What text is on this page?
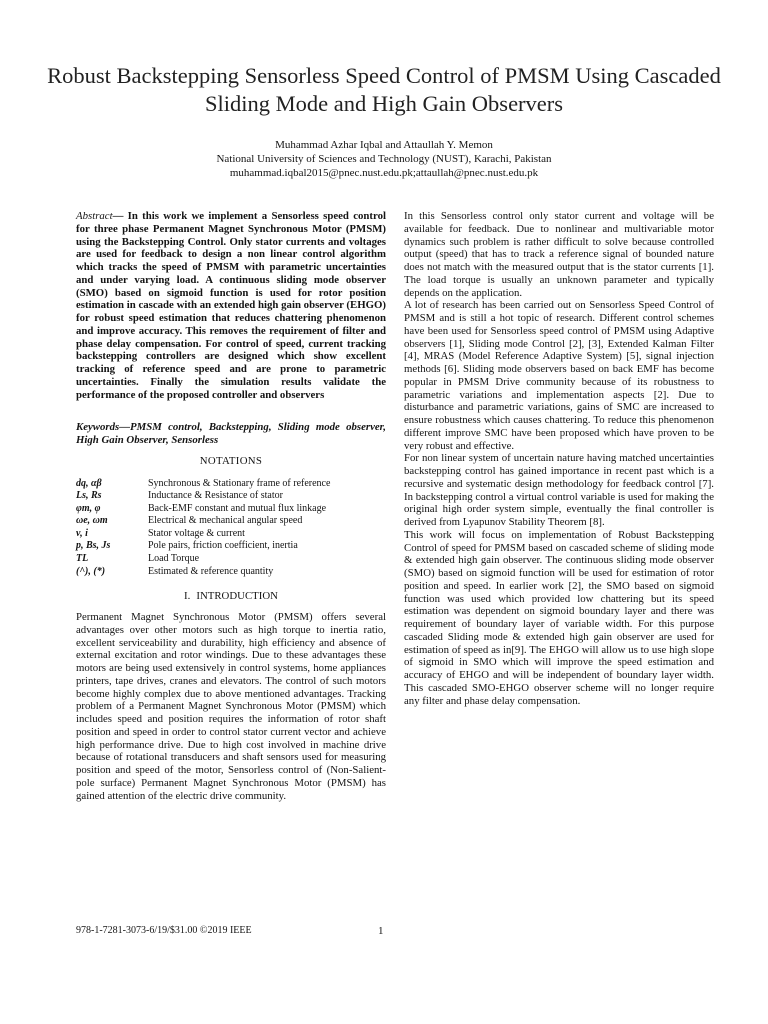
Robust Backstepping Sensorless Speed Control of PMSM Using Cascaded Sliding Mode and High Gain Observers
Muhammad Azhar Iqbal and Attaullah Y. Memon
National University of Sciences and Technology (NUST), Karachi, Pakistan
muhammad.iqbal2015@pnec.nust.edu.pk;attaullah@pnec.nust.edu.pk

Abstract— In this work we implement a Sensorless speed control for three phase Permanent Magnet Synchronous Motor (PMSM) using the Backstepping Control. Only stator currents and voltages are used for feedback to design a non linear control algorithm which tracks the speed of PMSM with parametric uncertainties and under varying load. A continuous sliding mode observer (SMO) based on sigmoid function is used for rotor position estimation in cascade with an extended high gain observer (EHGO) for robust speed estimation that reduces chattering phenomenon and improve accuracy. This removes the requirement of filter and phase delay compensation. For control of speed, current tracking backstepping controllers are designed which show excellent tracking of reference speed and are prone to parametric uncertainties. Finally the simulation results validate the performance of the proposed controller and observers

Keywords—PMSM control, Backstepping, Sliding mode observer, High Gain Observer, Sensorless

NOTATIONS
dq, αβ	Synchronous & Stationary frame of reference
Ls, Rs	Inductance & Resistance of stator
φm, φ	Back-EMF constant and mutual flux linkage
ωe, ωm	Electrical & mechanical angular speed
v, i	Stator voltage & current
p, Bs, Js	Pole pairs, friction coefficient, inertia
TL	Load Torque
(^), (*)	Estimated & reference quantity
I. INTRODUCTION

Permanent Magnet Synchronous Motor (PMSM) offers several advantages over other motors such as high torque to inertia ratio, excellent serviceability and durability, high efficiency and absence of external excitation and rotor windings. Due to these advantages these motors are being used extensively in control systems, home appliances printers, tape drives, cranes and elevators. The control of such motors become highly complex due to above mentioned advantages. Tracking problem of a Permanent Magnet Synchronous Motor (PMSM) which includes speed and position requires the information of rotor shaft position and speed in order to control stator current vector and achieve high performance drive. Due to high cost involved in machine drive because of rotational transducers and shaft sensors used for measuring position and speed of the motor, Sensorless control of (Non-Salient-pole surface) Permanent Magnet Synchronous Motor (PMSM) has gained attention of the electric drive community.

In this Sensorless control only stator current and voltage will be available for feedback. Due to nonlinear and multivariable motor dynamics such problem is rather difficult to solve because controlled output (speed) that has to track a reference signal of bounded nature does not match with the measured output that is the stator currents [1]. The load torque is usually an unknown parameter and typically depends on the application.

A lot of research has been carried out on Sensorless Speed Control of PMSM and is still a hot topic of research. Different control schemes have been used for Sensorless speed control of PMSM using Adaptive observers [1], Sliding mode Control [2], [3], Extended Kalman Filter [4], MRAS (Model Reference Adaptive System) [5], signal injection methods [6]. Sliding mode observers based on back EMF has become popular in PMSM Drive community because of its robustness to parametric variations and implementation aspects [2]. Due to disturbance and parametric variations, gains of SMC are increased to ensure robustness which causes chattering. To reduce this phenomenon different improve SMC have been proposed which have proven to be very robust and effective.

For non linear system of uncertain nature having matched uncertainties backstepping control has gained importance in recent past which is a recursive and systematic design methodology for feedback control [7]. In backstepping control a virtual control variable is used for making the original high order system simple, eventually the final controller is derived from Lyapunov Stability Theorem [8].

This work will focus on implementation of Robust Backstepping Control of speed for PMSM based on cascaded scheme of sliding mode & extended high gain observer. The continuous sliding mode observer (SMO) based on sigmoid function will be used for estimation of rotor position and speed. In earlier work [2], the SMO based on sigmoid function was used which provided low chattering but its speed estimation was dependent on sigmoid boundary layer and there was requirement of boundary layer of variable width. For this purpose cascaded Sliding mode & extended high gain observer are used for estimation of speed as in[9]. The EHGO will allow us to use high slope of sigmoid in SMO which will improve the speed estimation and accuracy of EHGO and will be independent of boundary layer width. This cascaded SMO-EHGO observer scheme will no longer require any filter and phase delay compensation.

978-1-7281-3073-6/19/$31.00 ©2019 IEEE	1
